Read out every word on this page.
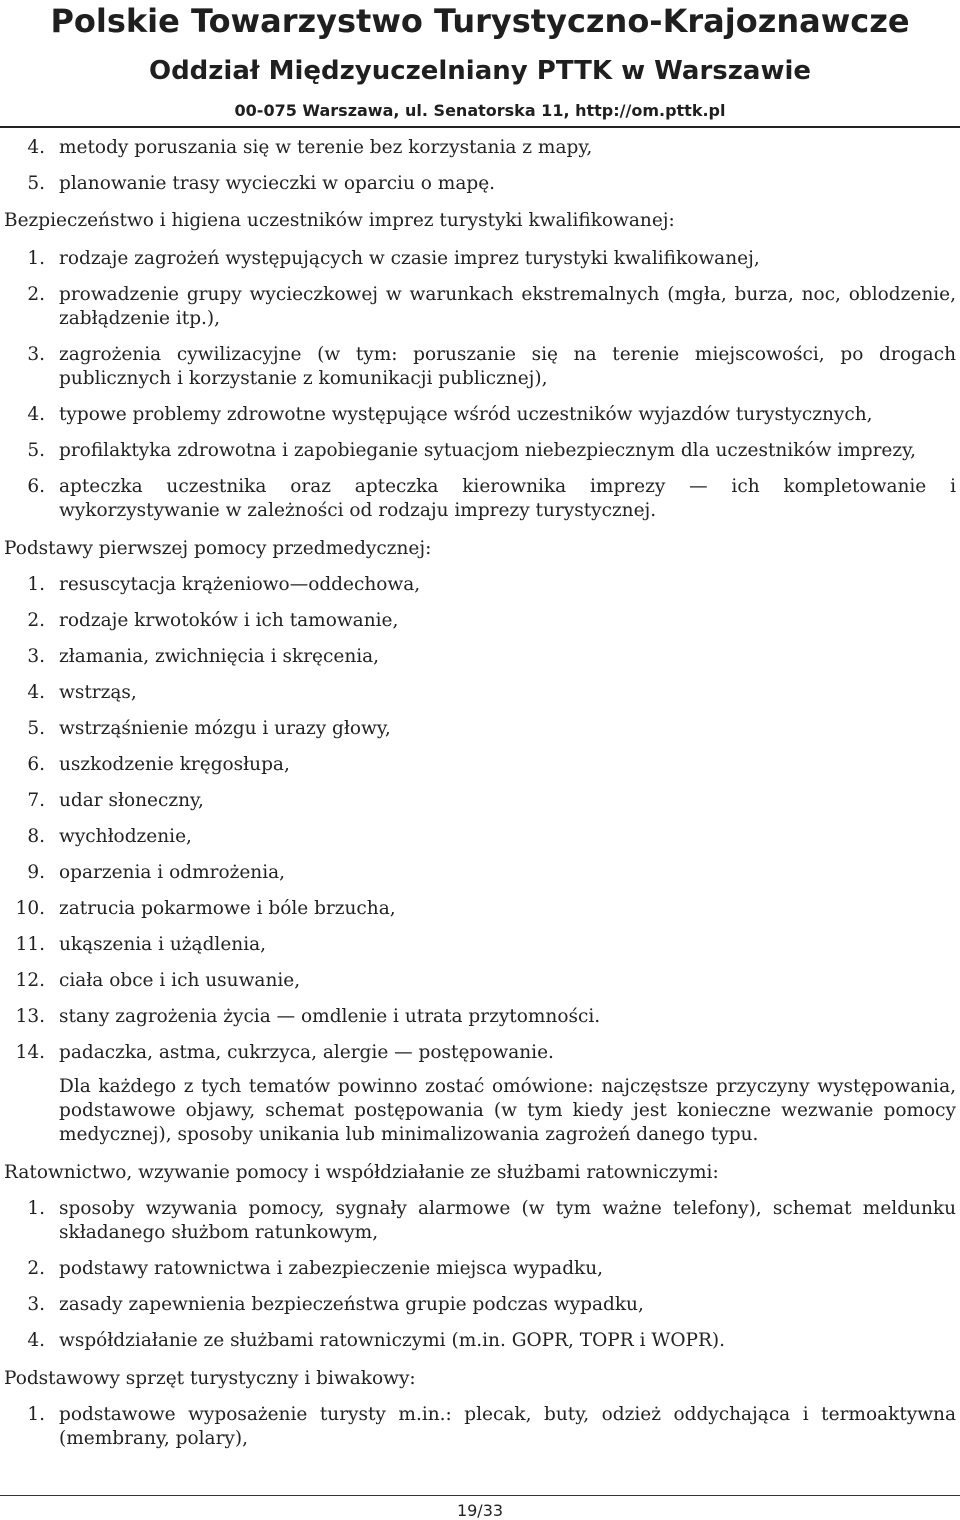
Polskie Towarzystwo Turystyczno-Krajoznawcze
Oddział Międzyuczelniany PTTK w Warszawie
00-075 Warszawa, ul. Senatorska 11, http://om.pttk.pl
4. metody poruszania się w terenie bez korzystania z mapy,
5. planowanie trasy wycieczki w oparciu o mapę.
Bezpieczeństwo i higiena uczestników imprez turystyki kwalifikowanej:
1. rodzaje zagrożeń występujących w czasie imprez turystyki kwalifikowanej,
2. prowadzenie grupy wycieczkowej w warunkach ekstremalnych (mgła, burza, noc, oblodzenie, zabłądzenie itp.),
3. zagrożenia cywilizacyjne (w tym: poruszanie się na terenie miejscowości, po drogach publicznych i korzystanie z komunikacji publicznej),
4. typowe problemy zdrowotne występujące wśród uczestników wyjazdów turystycznych,
5. profilaktyka zdrowotna i zapobieganie sytuacjom niebezpiecznym dla uczestników imprezy,
6. apteczka uczestnika oraz apteczka kierownika imprezy — ich kompletowanie i wykorzystywanie w zależności od rodzaju imprezy turystycznej.
Podstawy pierwszej pomocy przedmedycznej:
1. resuscytacja krążeniowo—oddechowa,
2. rodzaje krwotoków i ich tamowanie,
3. złamania, zwichnięcia i skręcenia,
4. wstrząs,
5. wstrząśnienie mózgu i urazy głowy,
6. uszkodzenie kręgosłupa,
7. udar słoneczny,
8. wychłodzenie,
9. oparzenia i odmrożenia,
10. zatrucia pokarmowe i bóle brzucha,
11. ukąszenia i użądlenia,
12. ciała obce i ich usuwanie,
13. stany zagrożenia życia — omdlenie i utrata przytomności.
14. padaczka, astma, cukrzyca, alergie — postępowanie.
Dla każdego z tych tematów powinno zostać omówione: najczęstsze przyczyny występowania, podstawowe objawy, schemat postępowania (w tym kiedy jest konieczne wezwanie pomocy medycznej), sposoby unikania lub minimalizowania zagrożeń danego typu.
Ratownictwo, wzywanie pomocy i współdziałanie ze służbami ratowniczymi:
1. sposoby wzywania pomocy, sygnały alarmowe (w tym ważne telefony), schemat meldunku składanego służbom ratunkowym,
2. podstawy ratownictwa i zabezpieczenie miejsca wypadku,
3. zasady zapewnienia bezpieczeństwa grupie podczas wypadku,
4. współdziałanie ze służbami ratowniczymi (m.in. GOPR, TOPR i WOPR).
Podstawowy sprzęt turystyczny i biwakowy:
1. podstawowe wyposażenie turysty m.in.: plecak, buty, odzież oddychająca i termoaktywna (membrany, polary),
19/33
